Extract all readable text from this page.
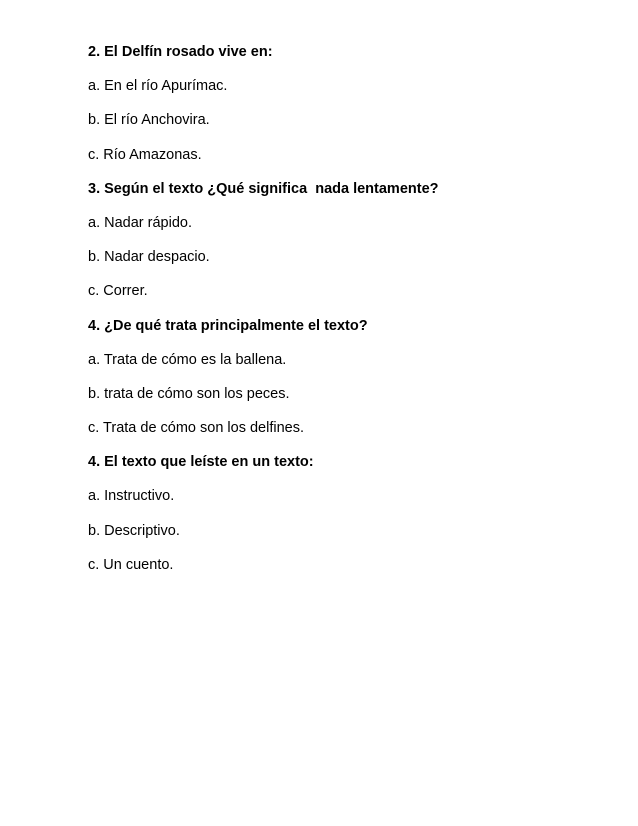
2. El Delfín rosado vive en:
a. En el río Apurímac.
b. El río Anchovira.
c. Río Amazonas.
3. Según el texto ¿Qué significa  nada lentamente?
a. Nadar rápido.
b. Nadar despacio.
c. Correr.
4. ¿De qué trata principalmente el texto?
a. Trata de cómo es la ballena.
b. trata de cómo son los peces.
c. Trata de cómo son los delfines.
4. El texto que leíste en un texto:
a. Instructivo.
b. Descriptivo.
c. Un cuento.
